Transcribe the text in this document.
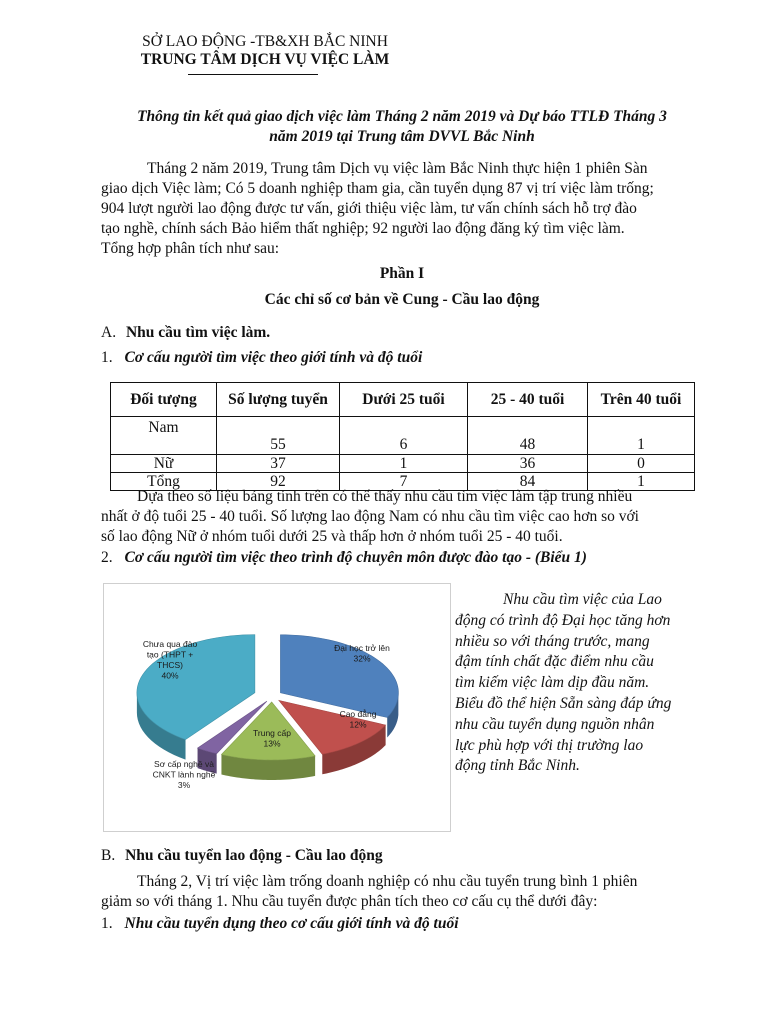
SỞ LAO ĐỘNG -TB&XH BẮC NINH
TRUNG TÂM DỊCH VỤ VIỆC LÀM
Thông tin kết quả giao dịch việc làm Tháng 2 năm 2019 và Dự báo TTLĐ Tháng 3
năm 2019 tại Trung tâm DVVL Bắc Ninh
Tháng 2 năm 2019, Trung tâm Dịch vụ việc làm Bắc Ninh thực hiện 1 phiên Sàn
giao dịch Việc làm; Có 5 doanh nghiệp tham gia, cần tuyển dụng 87 vị trí việc làm trống;
904 lượt người lao động được tư vấn, giới thiệu việc làm, tư vấn chính sách hỗ trợ đào
tạo nghề, chính sách Bảo hiểm thất nghiệp; 92 người lao động đăng ký tìm việc làm.
Tổng hợp phân tích như sau:
Phần I
Các chỉ số cơ bản về Cung - Cầu lao động
A. Nhu cầu tìm việc làm.
1. Cơ cấu người tìm việc theo giới tính và độ tuổi
Đối tượng	Số lượng tuyển	Dưới 25 tuổi	25 - 40 tuổi	Trên 40 tuổi
Nam	55	6	48	1
Nữ	37	1	36	0
Tổng	92	7	84	1
Dựa theo số liệu bảng tính trên có thể thấy nhu cầu tìm việc làm tập trung nhiều
nhất ở độ tuổi 25 - 40 tuổi. Số lượng lao động Nam có nhu cầu tìm việc cao hơn so với
số lao động Nữ ở nhóm tuổi dưới 25 và thấp hơn ở nhóm tuổi 25 - 40 tuổi.
2. Cơ cấu người tìm việc theo trình độ chuyên môn được đào tạo - (Biểu 1)
Đại học trở lên 32%
Cao đẳng 12%
Trung cấp 13%
Sơ cấp nghề và CNKT lành nghề 3%
Chưa qua đào tạo (THPT + THCS) 40%
Nhu cầu tìm việc của Lao
động có trình độ Đại học tăng hơn
nhiều so với tháng trước, mang
đậm tính chất đặc điểm nhu cầu
tìm kiếm việc làm dịp đầu năm.
Biểu đồ thể hiện Sẵn sàng đáp ứng
nhu cầu tuyển dụng nguồn nhân
lực phù hợp với thị trường lao
động tỉnh Bắc Ninh.
B. Nhu cầu tuyển lao động - Cầu lao động
Tháng 2, Vị trí việc làm trống doanh nghiệp có nhu cầu tuyển trung bình 1 phiên
giảm so với tháng 1. Nhu cầu tuyển được phân tích theo cơ cấu cụ thể dưới đây:
1. Nhu cầu tuyển dụng theo cơ cấu giới tính và độ tuổi
